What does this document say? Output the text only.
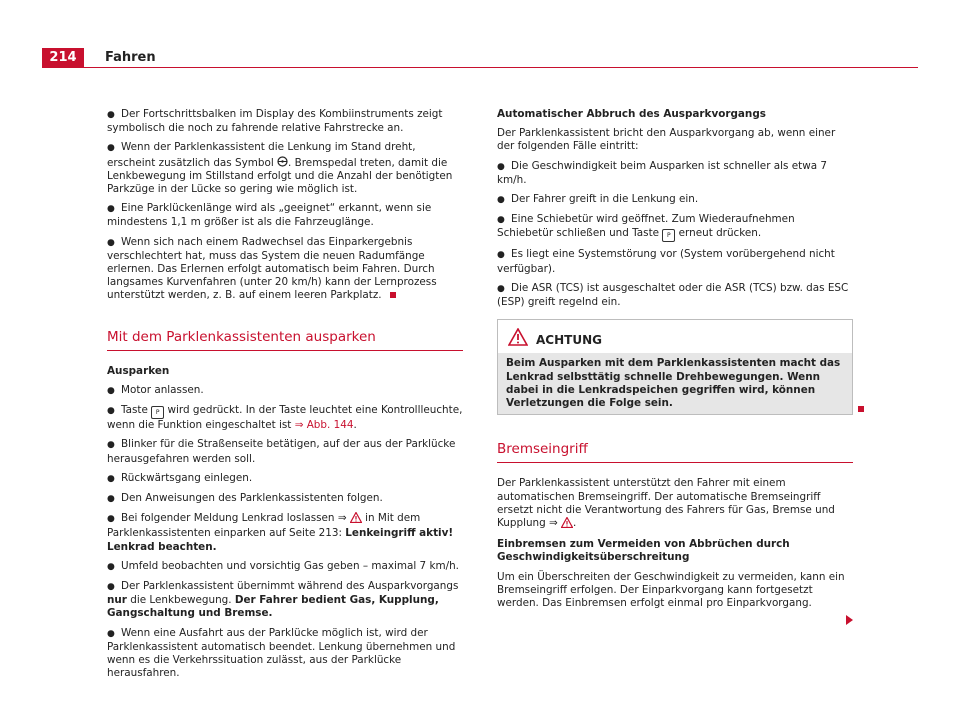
214	Fahren

● Der Fortschrittsbalken im Display des Kombiinstruments zeigt symbolisch die noch zu fahrende relative Fahrstrecke an.

● Wenn der Parklenkassistent die Lenkung im Stand dreht, erscheint zusätzlich das Symbol . Bremspedal treten, damit die Lenkbewegung im Stillstand erfolgt und die Anzahl der benötigten Parkzüge in der Lücke so gering wie möglich ist.

● Eine Parklückenlänge wird als „geeignet“ erkannt, wenn sie mindestens 1,1 m größer ist als die Fahrzeuglänge.

● Wenn sich nach einem Radwechsel das Einparkergebnis verschlechtert hat, muss das System die neuen Radumfänge erlernen. Das Erlernen erfolgt automatisch beim Fahren. Durch langsames Kurvenfahren (unter 20 km/h) kann der Lernprozess unterstützt werden, z. B. auf einem leeren Parkplatz.

Mit dem Parklenkassistenten ausparken

Ausparken

● Motor anlassen.

● Taste P wird gedrückt. In der Taste leuchtet eine Kontrollleuchte, wenn die Funktion eingeschaltet ist ⇒ Abb. 144.

● Blinker für die Straßenseite betätigen, auf der aus der Parklücke herausgefahren werden soll.

● Rückwärtsgang einlegen.

● Den Anweisungen des Parklenkassistenten folgen.

● Bei folgender Meldung Lenkrad loslassen ⇒  in Mit dem Parklenkassistenten einparken auf Seite 213: Lenkeingriff aktiv! Lenkrad beachten.

● Umfeld beobachten und vorsichtig Gas geben – maximal 7 km/h.

● Der Parklenkassistent übernimmt während des Ausparkvorgangs nur die Lenkbewegung. Der Fahrer bedient Gas, Kupplung, Gangschaltung und Bremse.

● Wenn eine Ausfahrt aus der Parklücke möglich ist, wird der Parklenkassistent automatisch beendet. Lenkung übernehmen und wenn es die Verkehrssituation zulässt, aus der Parklücke herausfahren.

Automatischer Abbruch des Ausparkvorgangs

Der Parklenkassistent bricht den Ausparkvorgang ab, wenn einer der folgenden Fälle eintritt:

● Die Geschwindigkeit beim Ausparken ist schneller als etwa 7 km/h.

● Der Fahrer greift in die Lenkung ein.

● Eine Schiebetür wird geöffnet. Zum Wiederaufnehmen Schiebetür schließen und Taste P erneut drücken.

● Es liegt eine Systemstörung vor (System vorübergehend nicht verfügbar).

● Die ASR (TCS) ist ausgeschaltet oder die ASR (TCS) bzw. das ESC (ESP) greift regelnd ein.

ACHTUNG
Beim Ausparken mit dem Parklenkassistenten macht das Lenkrad selbsttätig schnelle Drehbewegungen. Wenn dabei in die Lenkradspeichen gegriffen wird, können Verletzungen die Folge sein.
Bremseingriff

Der Parklenkassistent unterstützt den Fahrer mit einem automatischen Bremseingriff. Der automatische Bremseingriff ersetzt nicht die Verantwortung des Fahrers für Gas, Bremse und Kupplung ⇒ .

Einbremsen zum Vermeiden von Abbrüchen durch Geschwindigkeitsüberschreitung

Um ein Überschreiten der Geschwindigkeit zu vermeiden, kann ein Bremseingriff erfolgen. Der Einparkvorgang kann fortgesetzt werden. Das Einbremsen erfolgt einmal pro Einparkvorgang.
